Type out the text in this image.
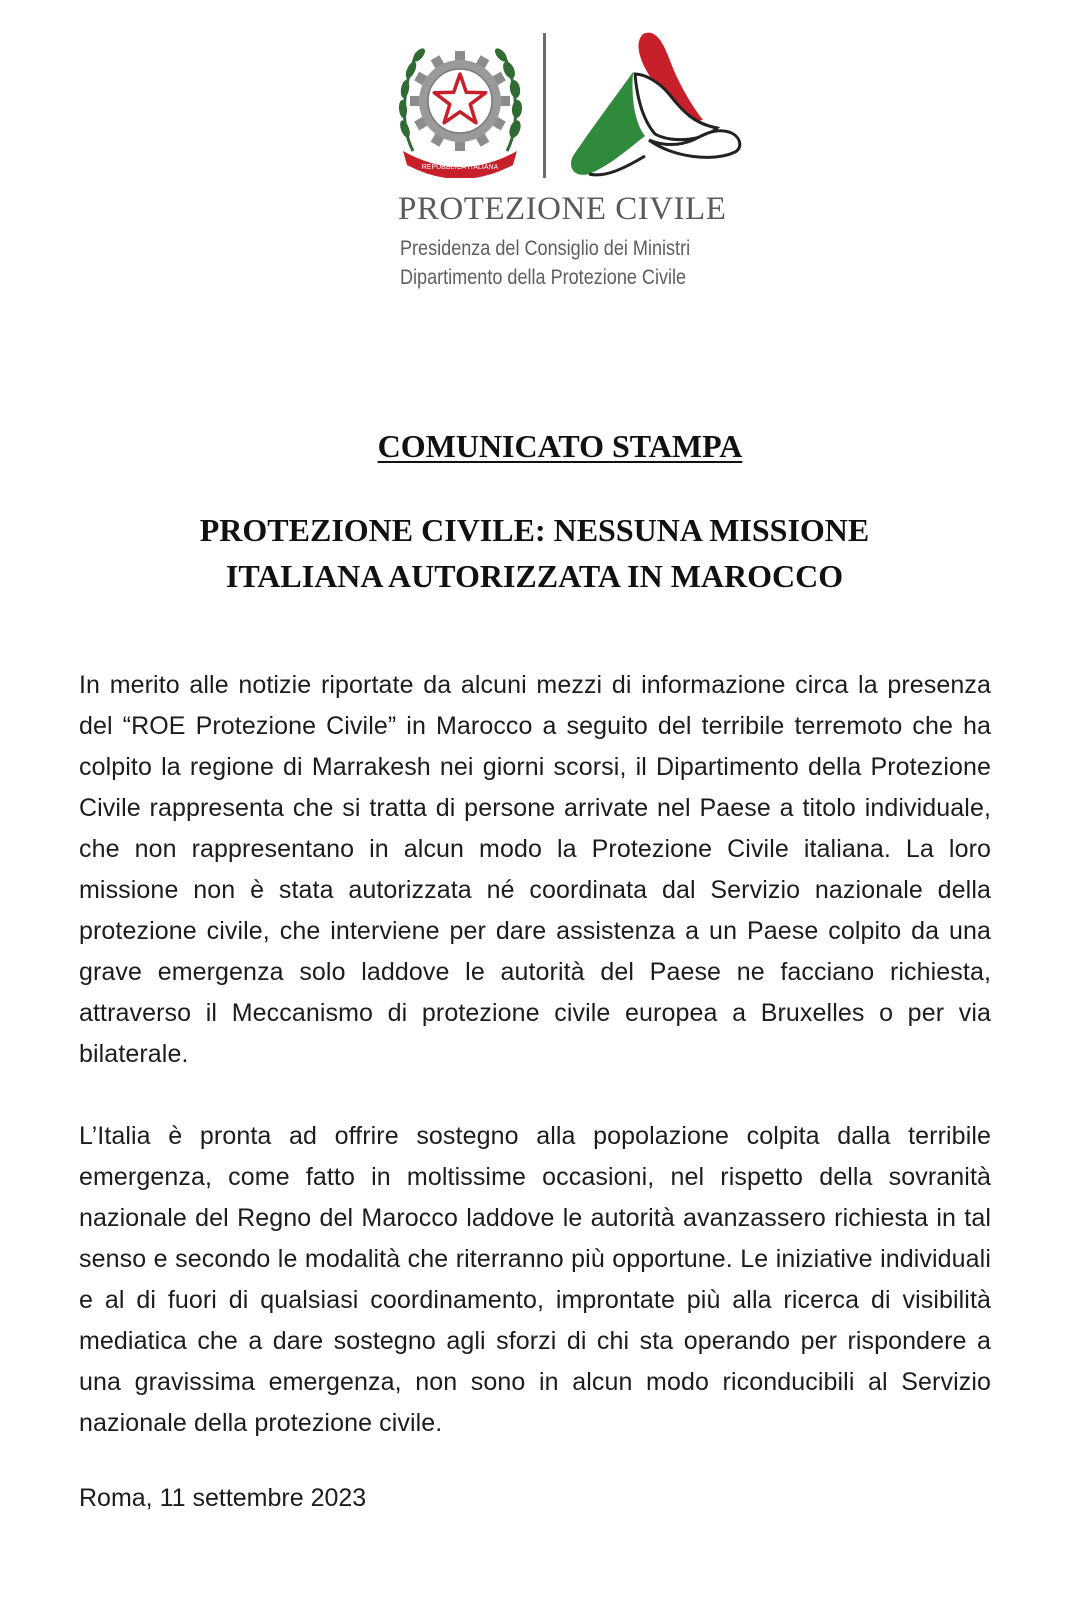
REPUBBLICA ITALIANA
PROTEZIONE CIVILE

Presidenza del Consiglio dei Ministri

Dipartimento della Protezione Civile

COMUNICATO STAMPA
PROTEZIONE CIVILE: NESSUNA MISSIONE
ITALIANA AUTORIZZATA IN MAROCCO

In merito alle notizie riportate da alcuni mezzi di informazione circa la presenza del “ROE Protezione Civile” in Marocco a seguito del terribile terremoto che ha colpito la regione di Marrakesh nei giorni scorsi, il Dipartimento della Protezione Civile rappresenta che si tratta di persone arrivate nel Paese a titolo individuale, che non rappresentano in alcun modo la Protezione Civile italiana. La loro missione non è stata autorizzata né coordinata dal Servizio nazionale della protezione civile, che interviene per dare assistenza a un Paese colpito da una grave emergenza solo laddove le autorità del Paese ne facciano richiesta, attraverso il Meccanismo di protezione civile europea a Bruxelles o per via bilaterale.

L’Italia è pronta ad offrire sostegno alla popolazione colpita dalla terribile emergenza, come fatto in moltissime occasioni, nel rispetto della sovranità nazionale del Regno del Marocco laddove le autorità avanzassero richiesta in tal senso e secondo le modalità che riterranno più opportune. Le iniziative individuali e al di fuori di qualsiasi coordinamento, improntate più alla ricerca di visibilità mediatica che a dare sostegno agli sforzi di chi sta operando per rispondere a una gravissima emergenza, non sono in alcun modo riconducibili al Servizio nazionale della protezione civile.

Roma, 11 settembre 2023
